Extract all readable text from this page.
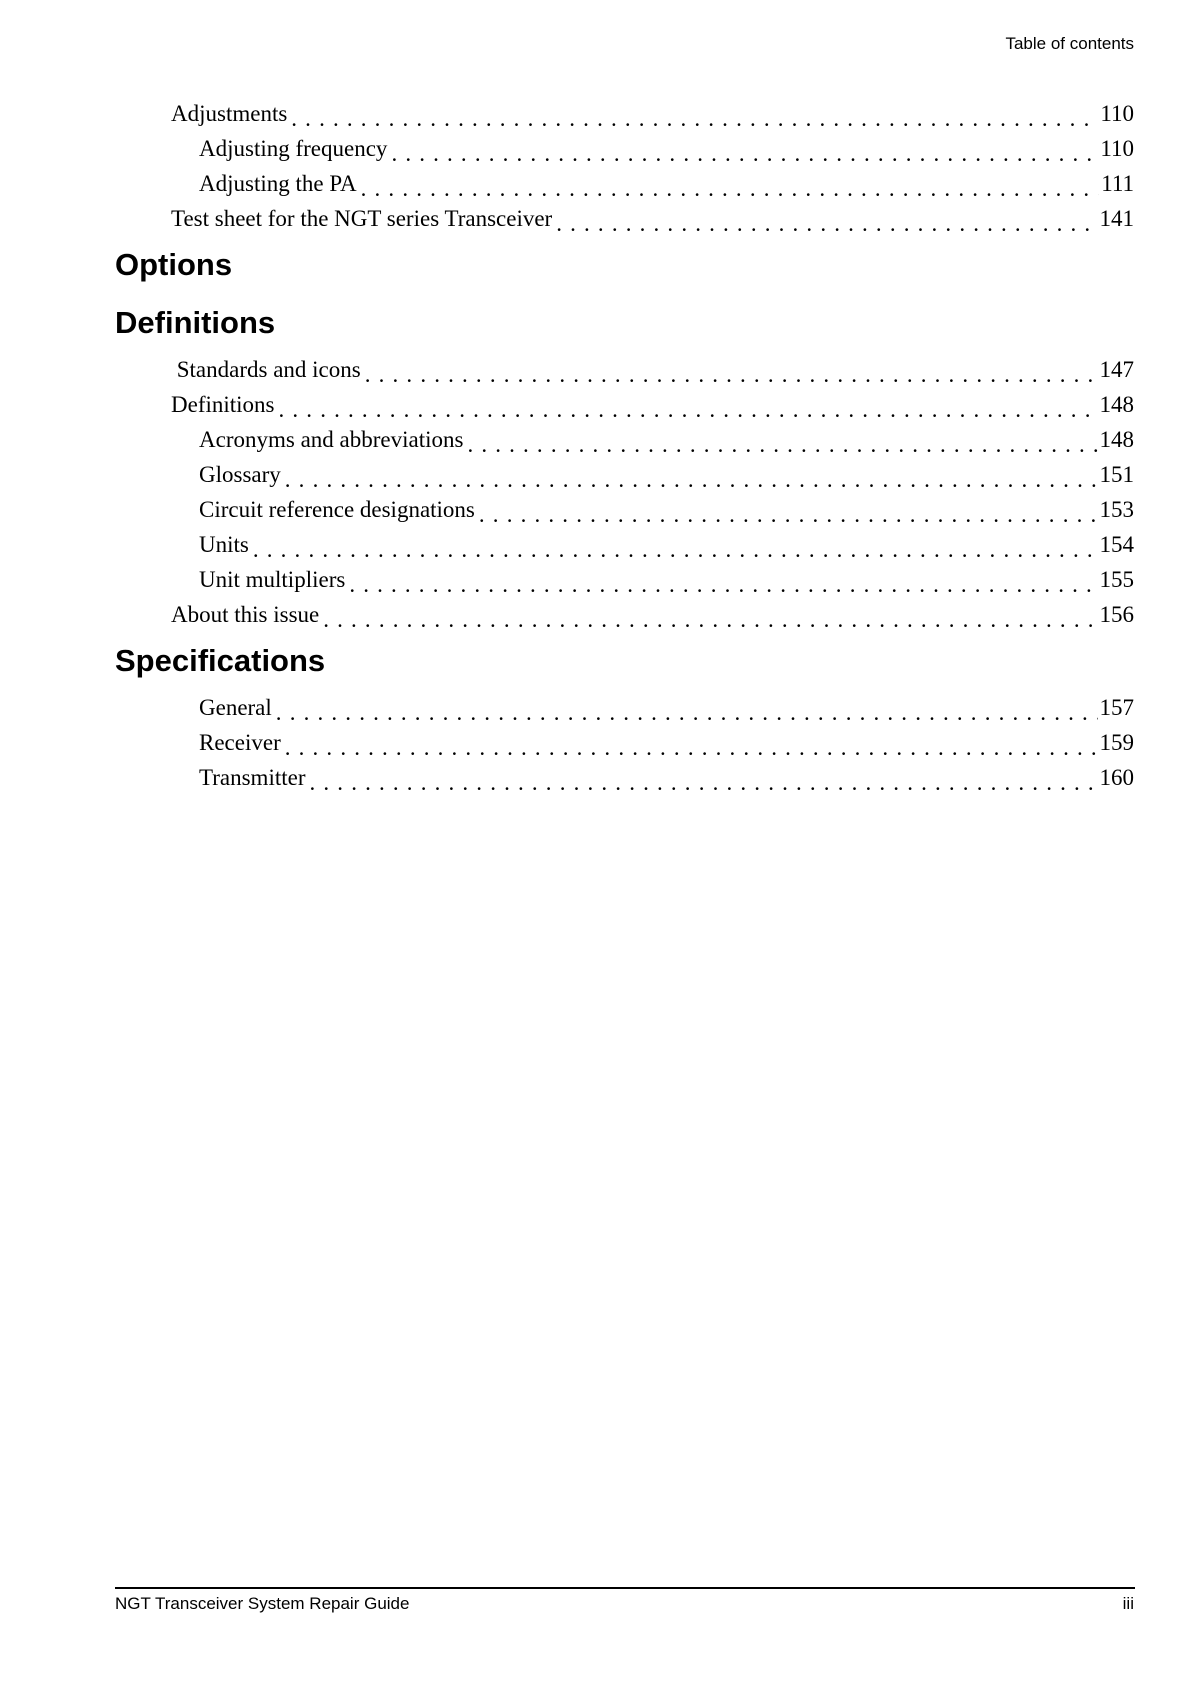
Table of contents
Adjustments . . .	110
Adjusting frequency . . .	110
Adjusting the PA . . .	111
Test sheet for the NGT series Transceiver . . .	141
Options
Definitions
Standards and icons . . .	147
Definitions . . .	148
Acronyms and abbreviations . . .	148
Glossary . . .	151
Circuit reference designations . . .	153
Units . . .	154
Unit multipliers . . .	155
About this issue . . .	156
Specifications
General . . .	157
Receiver . . .	159
Transmitter . . .	160
NGT Transceiver System Repair Guide	iii
